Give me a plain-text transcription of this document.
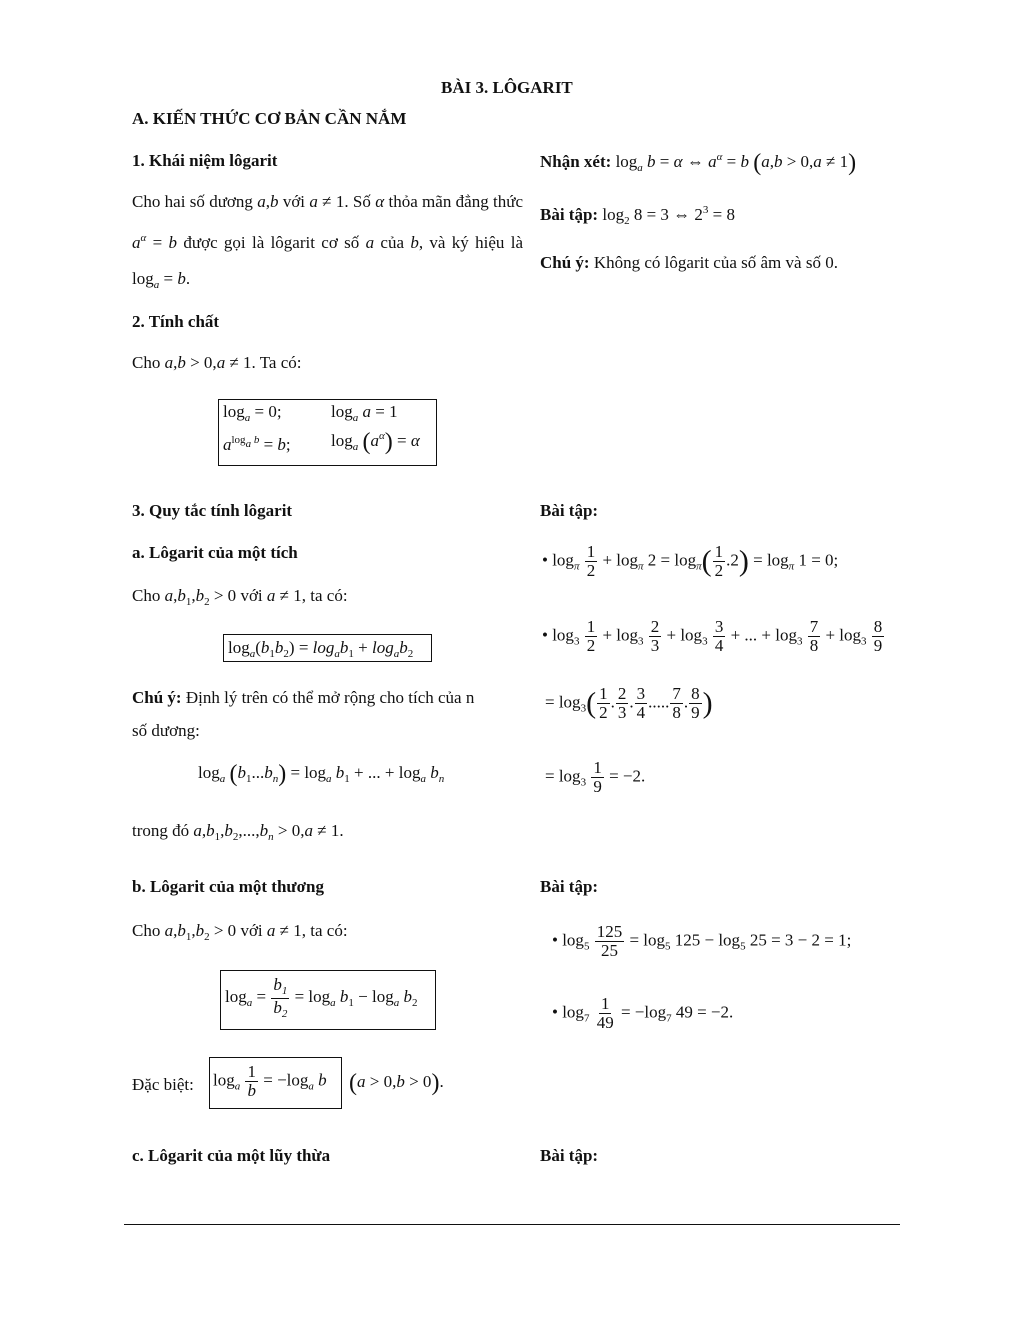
BÀI 3. LÔGARIT
A. KIẾN THỨC CƠ BẢN CẦN NẮM
1. Khái niệm lôgarit
Cho hai số dương a,b với a ≠ 1. Số α thỏa mãn đẳng thức $a^\alpha = b$ được gọi là lôgarit cơ số a của b, và ký hiệu là $\log_a = b$.
Nhận xét: $\log_a b = \alpha$ ⇔ $a^\alpha = b$ (a,b > 0,a ≠ 1)
Bài tập: $\log_2 8 = 3$ ⇔ $2^3 = 8$
Chú ý: Không có lôgarit của số âm và số 0.
2. Tính chất
Cho a,b > 0,a ≠ 1. Ta có:
$\log_a = 0$;	$\log_a a = 1$
$a^{log_a b} = b$; $\log_a (a^\alpha) = \alpha$
3. Quy tắc tính lôgarit	Bài tập:
a. Lôgarit của một tích
Cho $a,b_1,b_2 > 0$ với a ≠ 1, ta có:
$\log_a(b_1b_2) = \log_ab_1 + \log_ab_2$
Chú ý: Định lý trên có thể mở rộng cho tích của n
số dương:
$\log_a (b_1...b_n) = \log_a b_1$ + ... + $\log_a b_n$
trong đó $a,b_1,b_2,...,b_n > 0,a \ne 1$.
• $\log_\pi \frac{1}{2} + \log_\pi 2 = \log_\pi( \frac{1}{2} .2) = \log_\pi 1 = 0$;
• $\log_3 \frac{1}{2} + \log_3 \frac{2}{3} + \log_3 \frac{3}{4}$ + ... + $\log_3 \frac{7}{8} + \log_3 \frac{8}{9}$
= $\log_3( \frac{1}{2}$ . $\frac{2}{3}$ . $\frac{3}{4}$ ..... $\frac{7}{8}$ . $\frac{8}{9}$ )
= $\log_3 \frac{1}{9} = -2$.
b. Lôgarit của một thương	Bài tập:
Cho $a,b_1,b_2 > 0$ với a ≠ 1, ta có:
$\log_a = \frac{b_1}{b_2} = \log_a b_1 - \log_a b_2$
Đặc biệt: $\log_a \frac{1}{b} = -\log_a$ b (a > 0,b > 0).
• $\log_5 \frac{125}{25} = \log_5 125 - \log_5 25 = 3 - 2 = 1$;
• $\log_7 \frac{1}{49} = -\log_7$ 49 = −2.
c. Lôgarit của một lũy thừa	Bài tập:
